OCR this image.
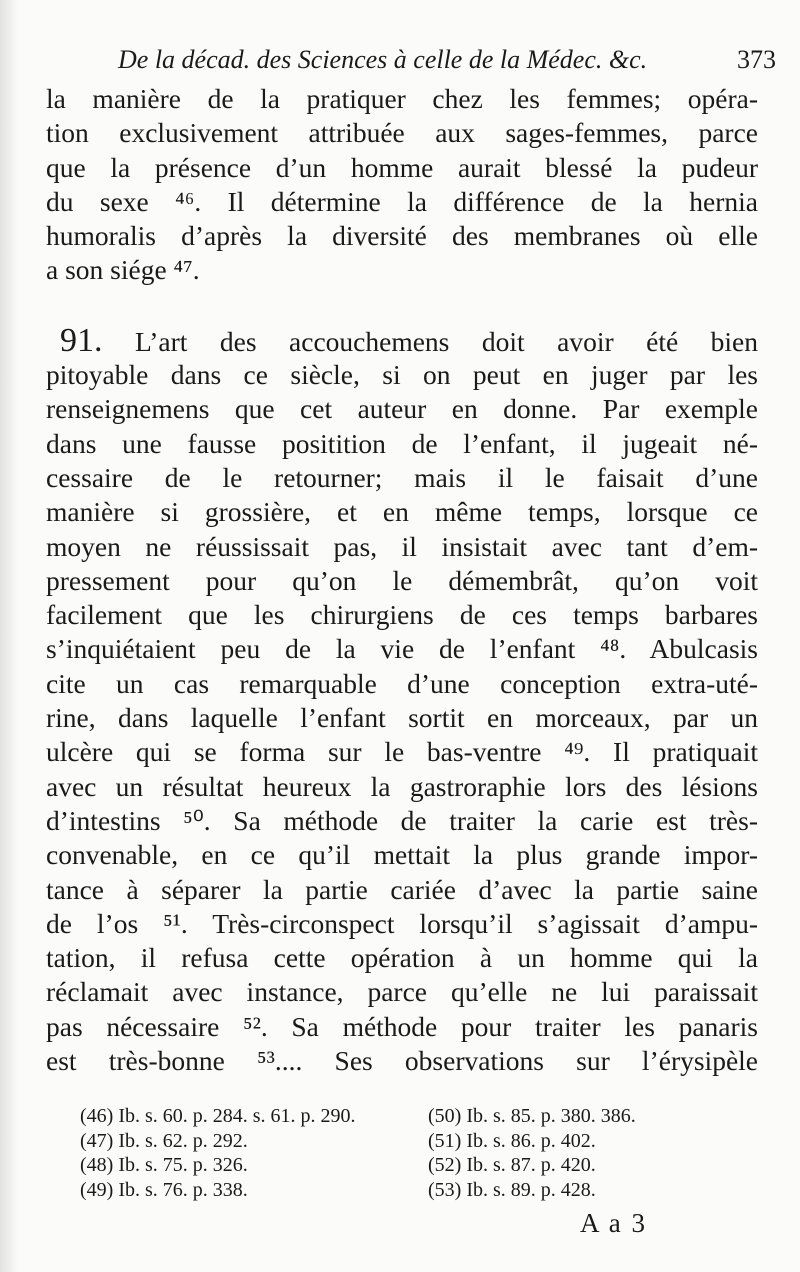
De la décad. des Sciences à celle de la Médec. &c.	373
la manière de la pratiquer chez les femmes; opéra-
tion exclusivement attribuée aux sages-femmes, parce
que la présence d’un homme aurait blessé la pudeur
du sexe ⁴⁶. Il détermine la différence de la hernia
humoralis d’après la diversité des membranes où elle
a son siége ⁴⁷.
91. L’art des accouchemens doit avoir été bien
pitoyable dans ce siècle, si on peut en juger par les
renseignemens que cet auteur en donne. Par exemple
dans une fausse positition de l’enfant, il jugeait né-
cessaire de le retourner; mais il le faisait d’une
manière si grossière, et en même temps, lorsque ce
moyen ne réussissait pas, il insistait avec tant d’em-
pressement pour qu’on le démembrât, qu’on voit
facilement que les chirurgiens de ces temps barbares
s’inquiétaient peu de la vie de l’enfant ⁴⁸. Abulcasis
cite un cas remarquable d’une conception extra-uté-
rine, dans laquelle l’enfant sortit en morceaux, par un
ulcère qui se forma sur le bas-ventre ⁴⁹. Il pratiquait
avec un résultat heureux la gastroraphie lors des lésions
d’intestins ⁵⁰. Sa méthode de traiter la carie est très-
convenable, en ce qu’il mettait la plus grande impor-
tance à séparer la partie cariée d’avec la partie saine
de l’os ⁵¹. Très-circonspect lorsqu’il s’agissait d’ampu-
tation, il refusa cette opération à un homme qui la
réclamait avec instance, parce qu’elle ne lui paraissait
pas nécessaire ⁵². Sa méthode pour traiter les panaris
est très-bonne ⁵³.... Ses observations sur l’érysipèle
(46) Ib. s. 60. p. 284. s. 61. p. 290.
(47) Ib. s. 62. p. 292.
(48) Ib. s. 75. p. 326.
(49) Ib. s. 76. p. 338.
(50) Ib. s. 85. p. 380. 386.
(51) Ib. s. 86. p. 402.
(52) Ib. s. 87. p. 420.
(53) Ib. s. 89. p. 428.
A a 3
